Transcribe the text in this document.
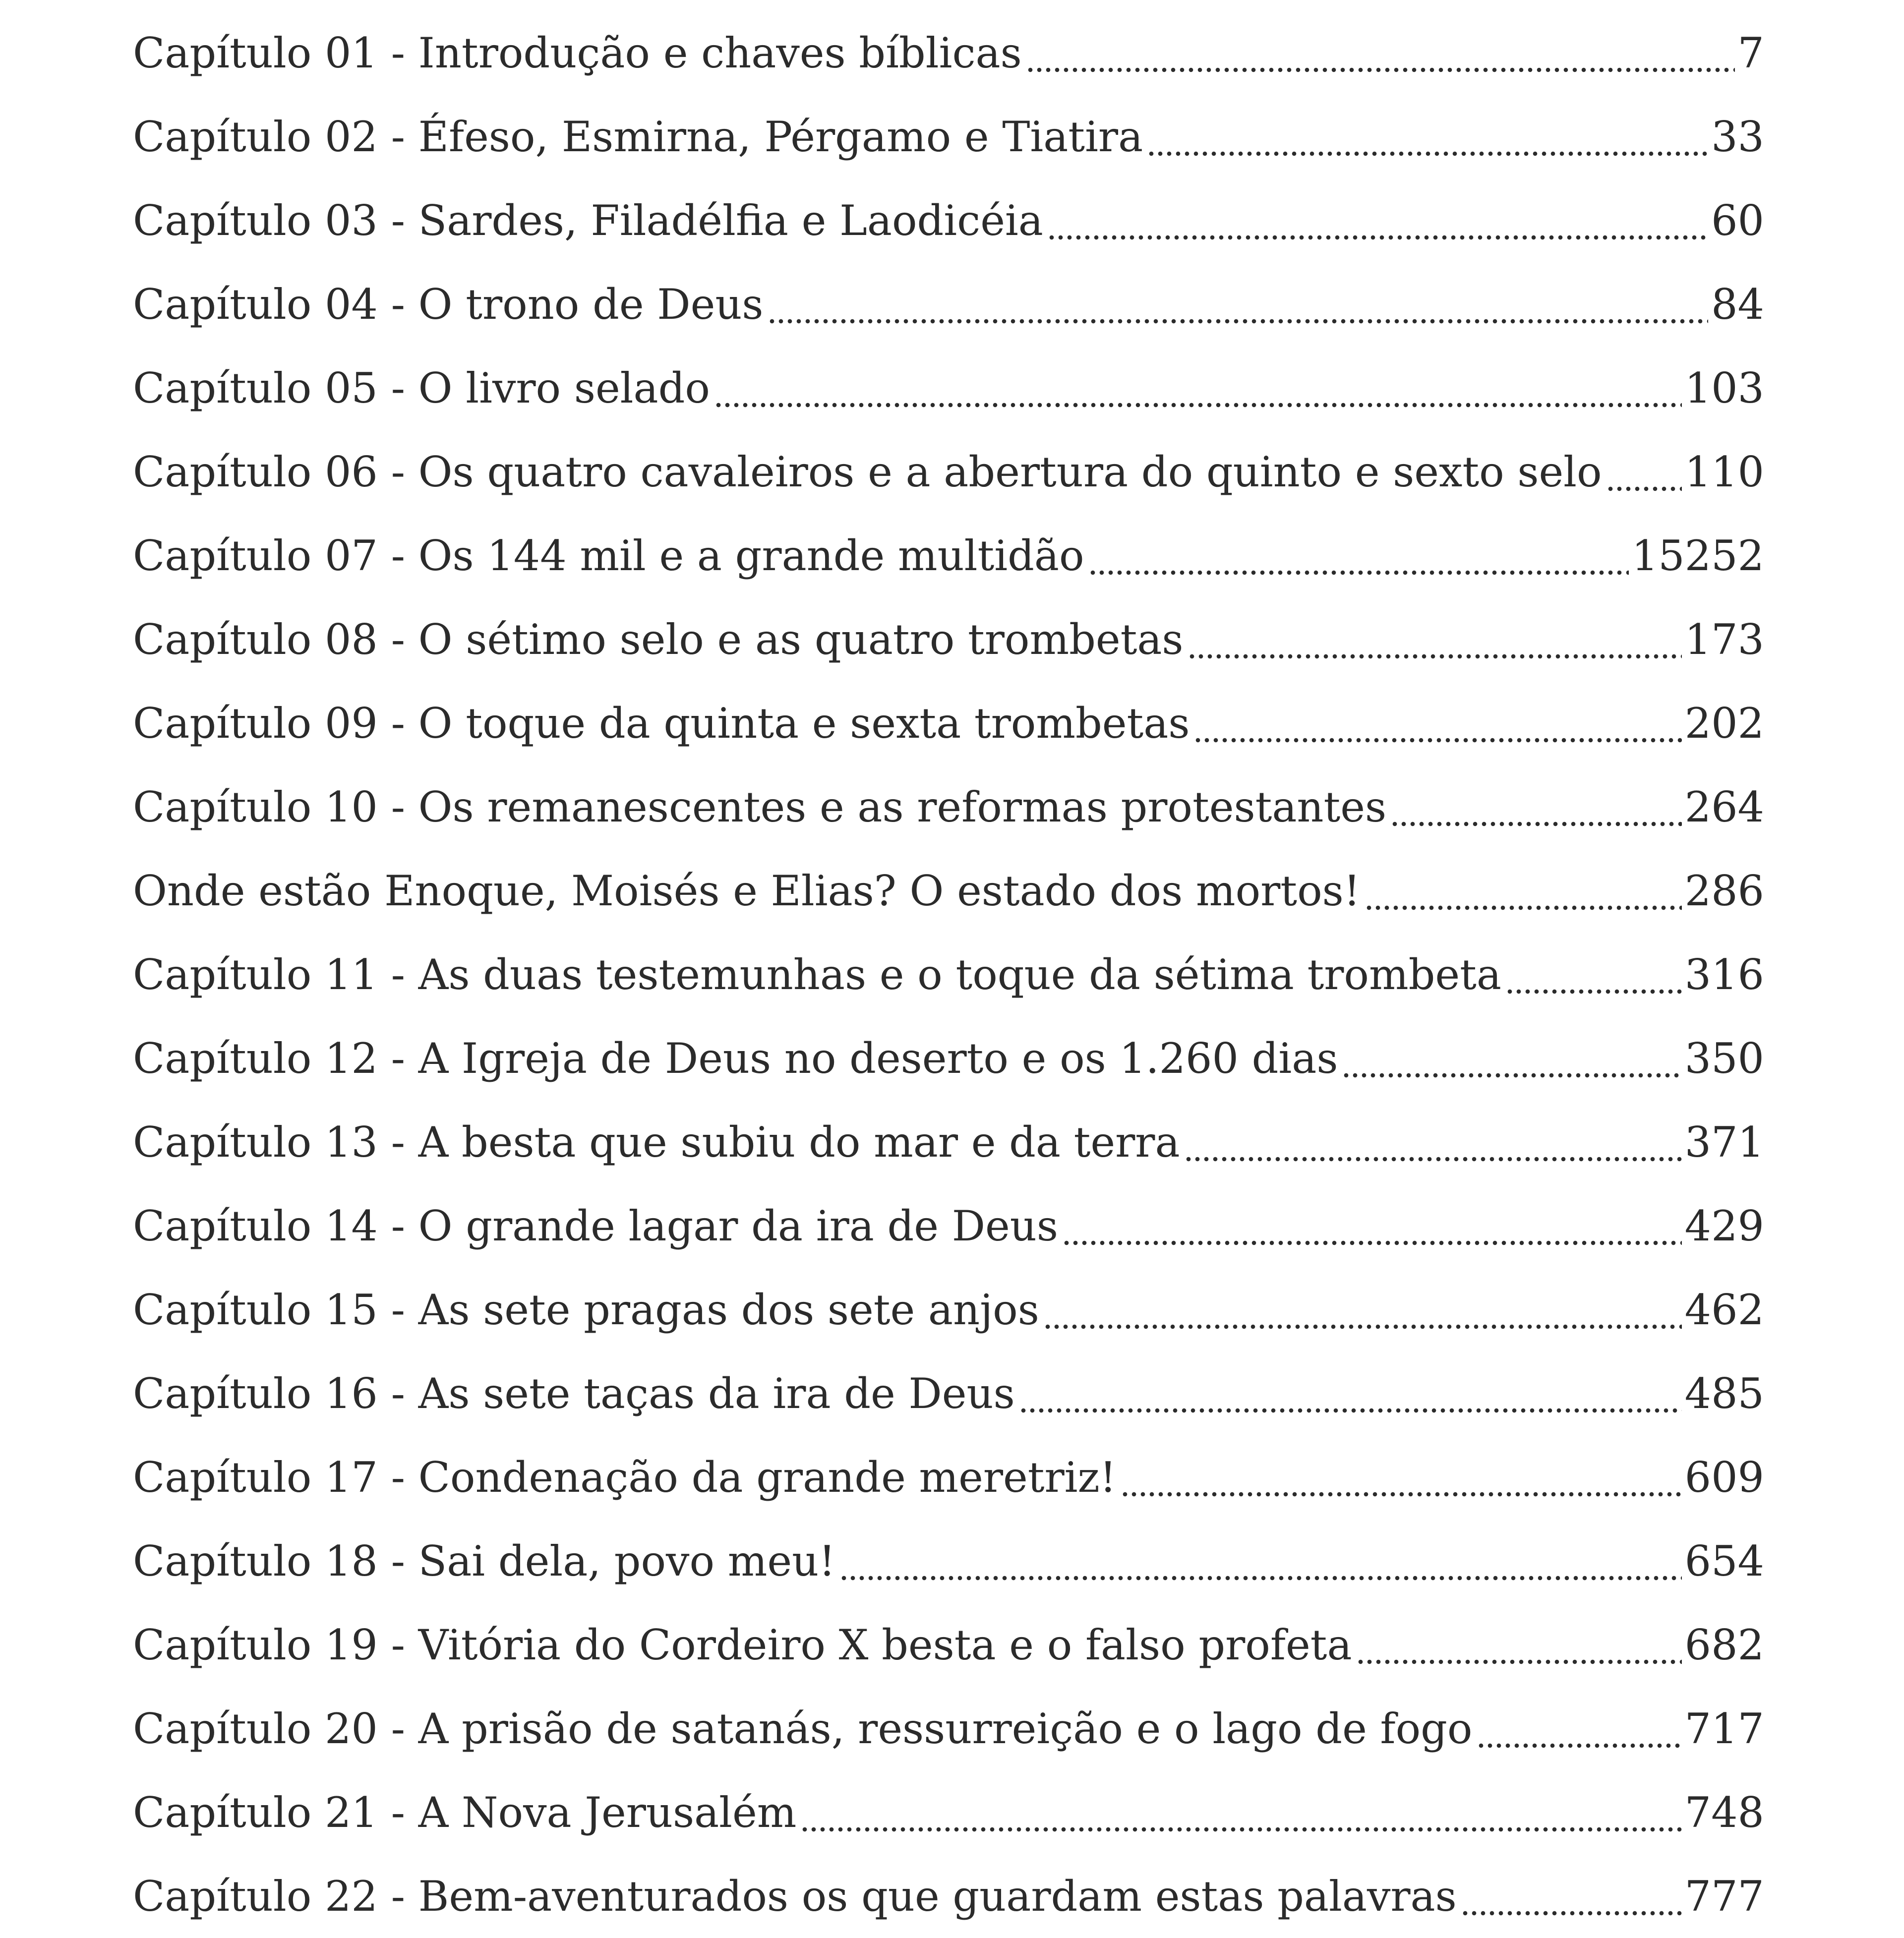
Capítulo 01 - Introdução e chaves bíblicas	7
Capítulo 02 - Éfeso, Esmirna, Pérgamo e Tiatira	33
Capítulo 03 - Sardes, Filadélfia e Laodicéia	60
Capítulo 04 - O trono de Deus	84
Capítulo 05 - O livro selado	103
Capítulo 06 - Os quatro cavaleiros e a abertura do quinto e sexto selo 110
Capítulo 07 - Os 144 mil e a grande multidão	15252
Capítulo 08 - O sétimo selo e as quatro trombetas	173
Capítulo 09 - O toque da quinta e sexta trombetas	202
Capítulo 10 - Os remanescentes e as reformas protestantes	264
Onde estão Enoque, Moisés e Elias? O estado dos mortos!	286
Capítulo 11 - As duas testemunhas e o toque da sétima trombeta	316
Capítulo 12 - A Igreja de Deus no deserto e os 1.260 dias	350
Capítulo 13 - A besta que subiu do mar e da terra	371
Capítulo 14 - O grande lagar da ira de Deus	429
Capítulo 15 - As sete pragas dos sete anjos	462
Capítulo 16 - As sete taças da ira de Deus	485
Capítulo 17 - Condenação da grande meretriz!	609
Capítulo 18 - Sai dela, povo meu!	654
Capítulo 19 - Vitória do Cordeiro X besta e o falso profeta	682
Capítulo 20 - A prisão de satanás, ressurreição e o lago de fogo	717
Capítulo 21 - A Nova Jerusalém	748
Capítulo 22 - Bem-aventurados os que guardam estas palavras	777
